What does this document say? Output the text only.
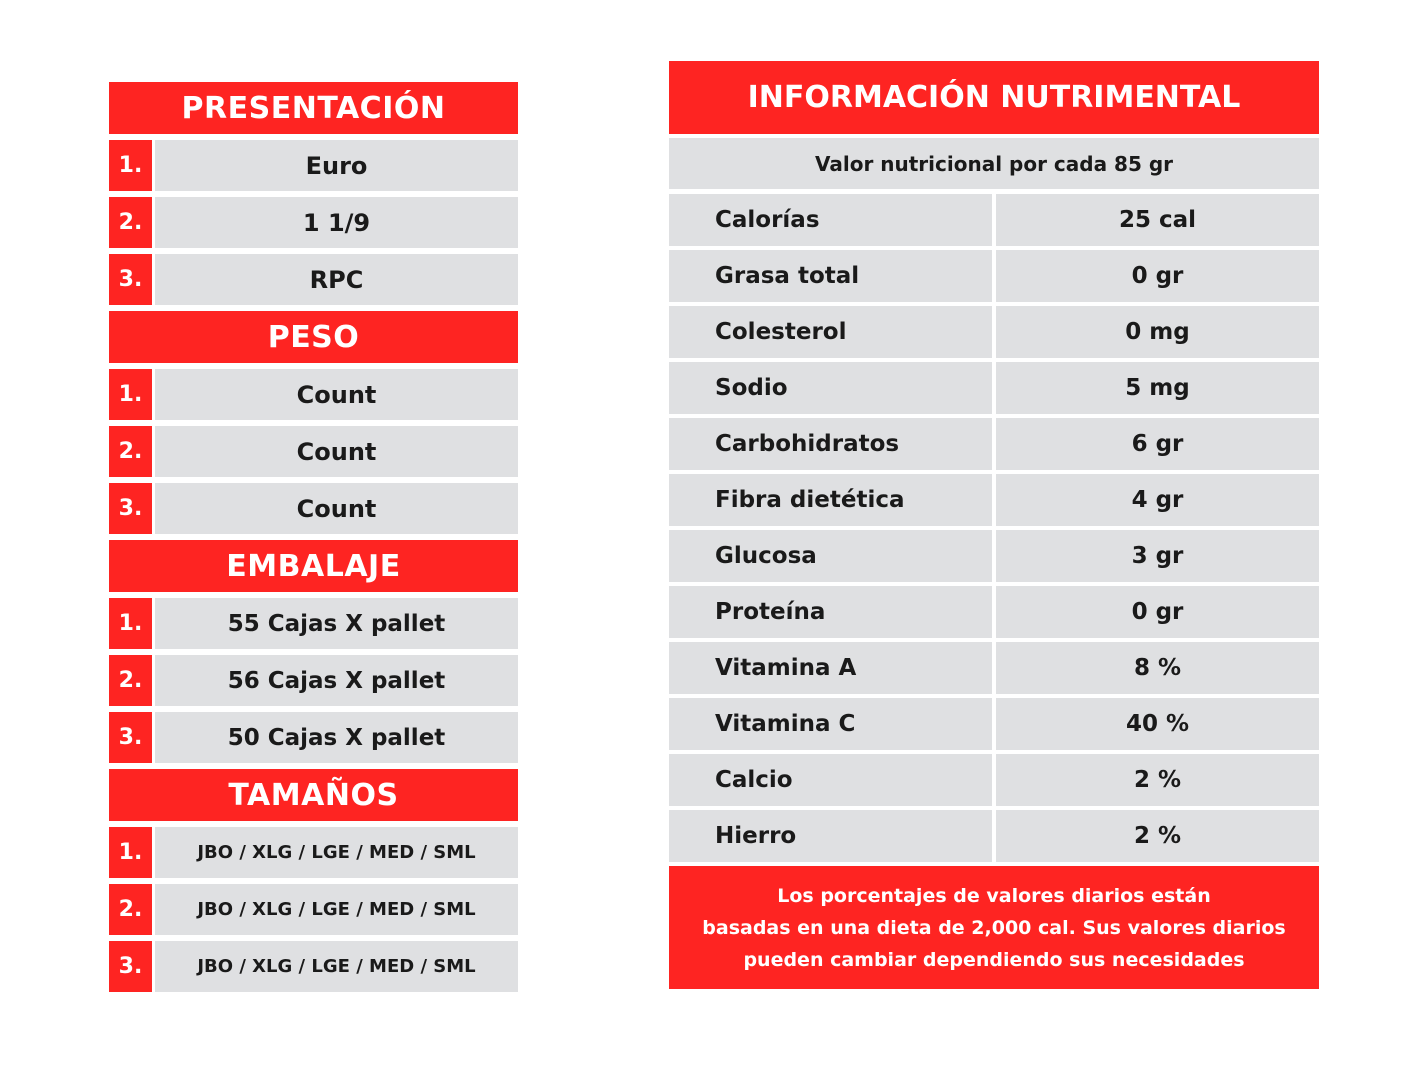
PRESENTACIÓN
1.	Euro
2.	1 1/9
3.	RPC
PESO
1.	Count
2.	Count
3.	Count
EMBALAJE
1.	55 Cajas X pallet
2.	56 Cajas X pallet
3.	50 Cajas X pallet
TAMAÑOS
1.	JBO / XLG / LGE / MED / SML
2.	JBO / XLG / LGE / MED / SML
3.	JBO / XLG / LGE / MED / SML
INFORMACIÓN NUTRIMENTAL
Valor nutricional por cada 85 gr
Calorías	25 cal
Grasa total	0 gr
Colesterol	0 mg
Sodio	5 mg
Carbohidratos	6 gr
Fibra dietética	4 gr
Glucosa	3 gr
Proteína	0 gr
Vitamina A	8 %
Vitamina C	40 %
Calcio	2 %
Hierro	2 %
Los porcentajes de valores diarios están
basadas en una dieta de 2,000 cal. Sus valores diarios
pueden cambiar dependiendo sus necesidades
